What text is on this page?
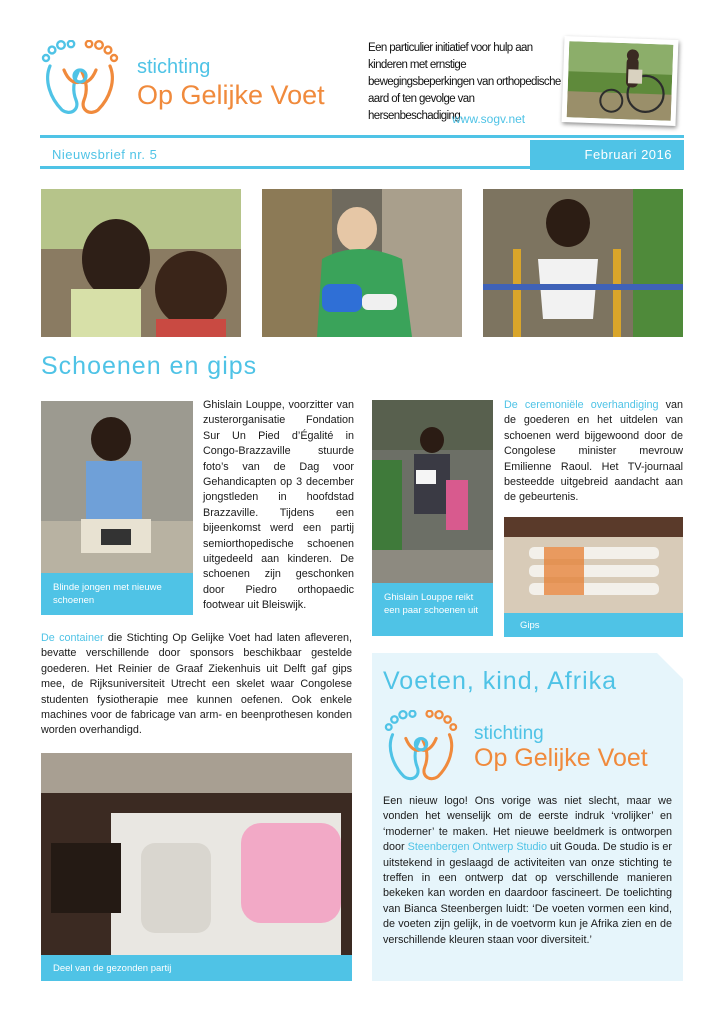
stichting
Op Gelijke Voet
Een particulier initiatief voor hulp aan kinderen met ernstige bewegingsbeperkingen van orthopedische aard of ten gevolge van hersenbeschadiging.
www.sogv.net
Nieuwsbrief nr. 5	Februari 2016
Schoenen en gips
Blinde jongen met nieuwe schoenen
Ghislain Louppe, voorzitter van zusterorganisatie Fondation Sur Un Pied d’Égalité in Congo-Brazzaville stuurde foto’s van de Dag voor Gehandicapten op 3 december jongstleden in hoofdstad Brazzaville. Tijdens een bijeenkomst werd een partij semiorthopedische schoenen uitgedeeld aan kinderen. De schoenen zijn geschonken door Piedro orthopaedic footwear uit Bleiswijk.
De container die Stichting Op Gelijke Voet had laten afleveren, bevatte verschillende door sponsors beschikbaar gestelde goederen. Het Reinier de Graaf Ziekenhuis uit Delft gaf gips mee, de Rijksuniversiteit Utrecht een skelet waar Congolese studenten fysiotherapie mee kunnen oefenen. Ook enkele machines voor de fabricage van arm- en beenprothesen konden worden overhandigd.
Ghislain Louppe reikt een paar schoenen uit
De ceremoniële overhandiging van de goederen en het uitdelen van schoenen werd bijgewoond door de Congolese minister mevrouw Emilienne Raoul. Het TV-journaal besteedde uitgebreid aandacht aan de gebeurtenis.
Gips
Deel van de gezonden partij
Voeten, kind, Afrika
stichting
Op Gelijke Voet
Een nieuw logo! Ons vorige was niet slecht, maar we vonden het wenselijk om de eerste indruk ‘vrolijker’ en ‘moderner’ te maken. Het nieuwe beeldmerk is ontworpen door Steenbergen Ontwerp Studio uit Gouda. De studio is er uitstekend in geslaagd de activiteiten van onze stichting te treffen in een ontwerp dat op verschillende manieren bekeken kan worden en daardoor fascineert. De toelichting van Bianca Steenbergen luidt: ‘De voeten vormen een kind, de voeten zijn gelijk, in de voetvorm kun je Afrika zien en de verschillende kleuren staan voor diversiteit.’
